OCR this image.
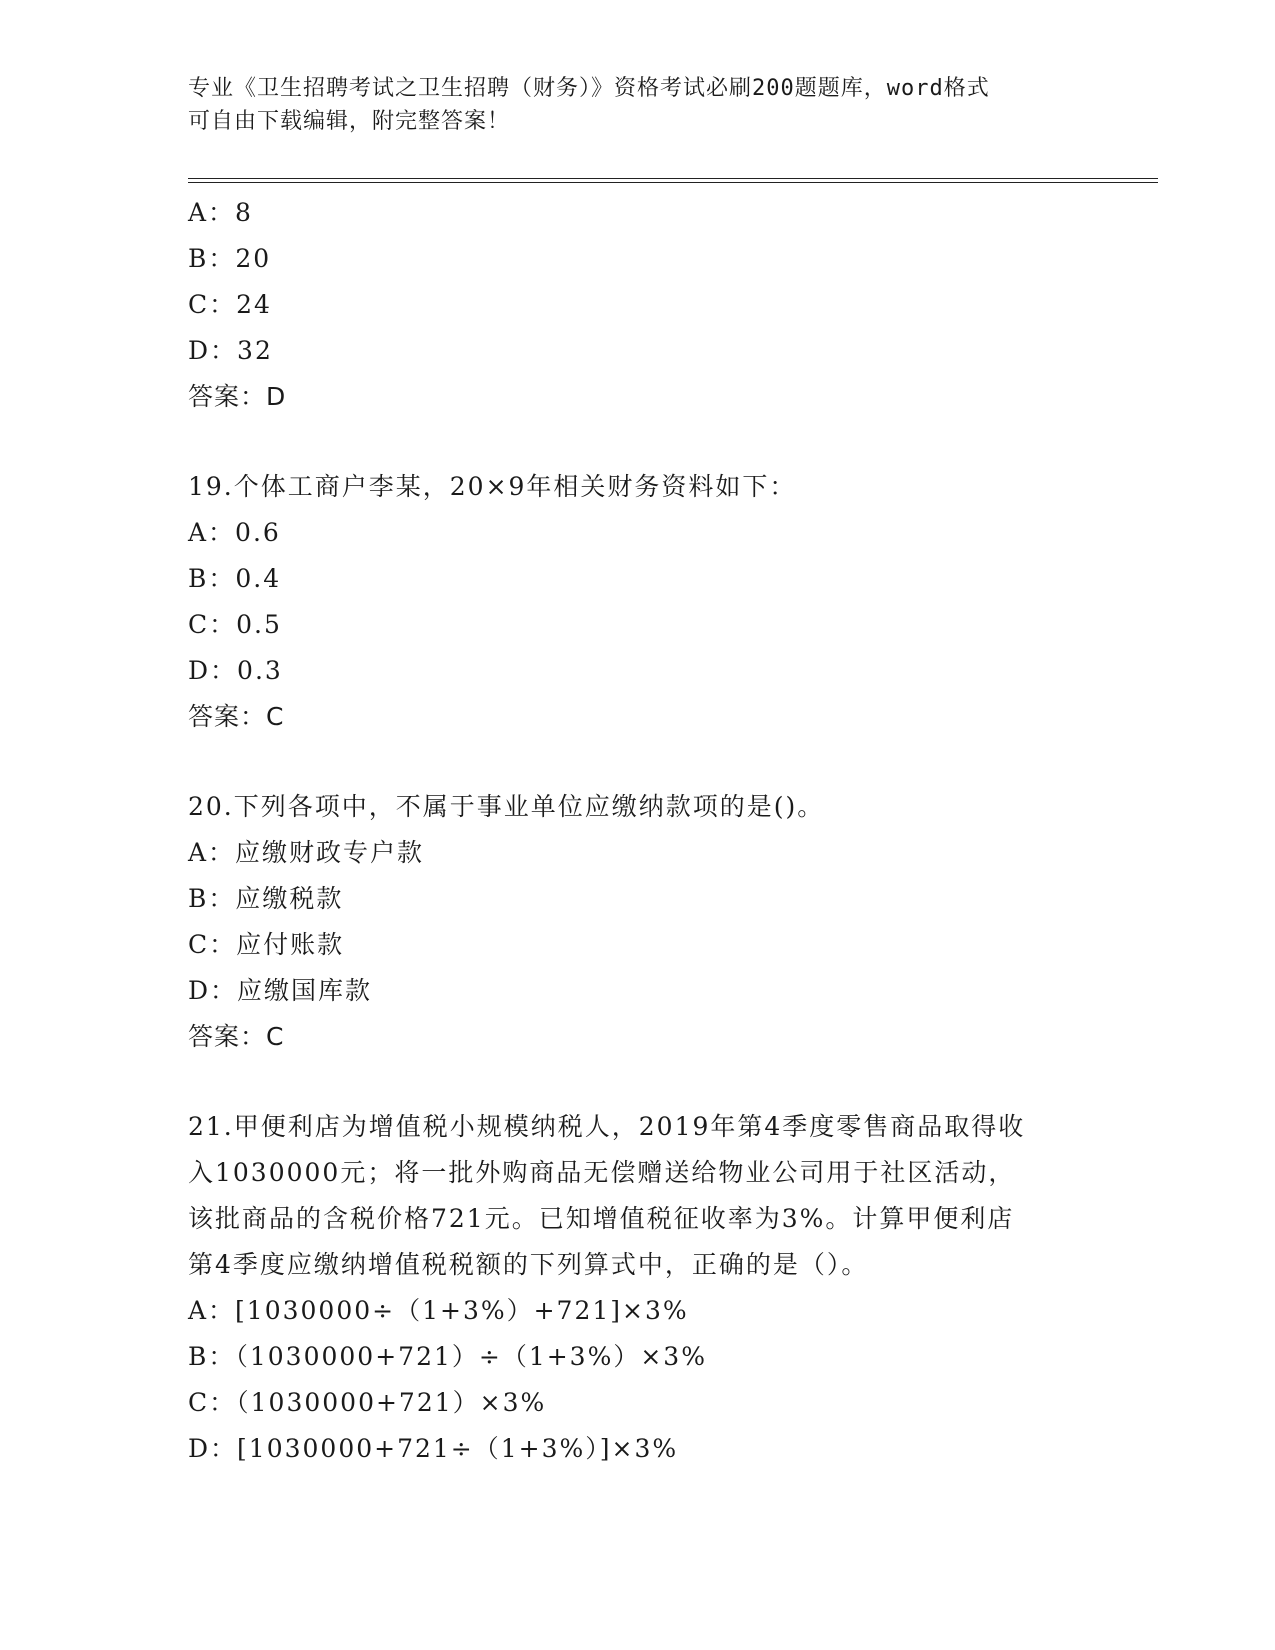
专业《卫生招聘考试之卫生招聘（财务）》资格考试必刷200题题库，word格式

可自由下载编辑，附完整答案！

A：8
B：20
C：24
D：32
答案：D
19.个体工商户李某，20×9年相关财务资料如下：
A：0.6
B：0.4
C：0.5
D：0.3
答案：C
20.下列各项中，不属于事业单位应缴纳款项的是()。
A：应缴财政专户款
B：应缴税款
C：应付账款
D：应缴国库款
答案：C
21.甲便利店为增值税小规模纳税人，2019年第4季度零售商品取得收
入1030000元；将一批外购商品无偿赠送给物业公司用于社区活动，
该批商品的含税价格721元。已知增值税征收率为3%。计算甲便利店
第4季度应缴纳增值税税额的下列算式中，正确的是（）。
A：[1030000÷（1+3%）+721]×3%
B：（1030000+721）÷（1+3%）×3%
C：（1030000+721）×3%
D：[1030000+721÷（1+3%）]×3%
